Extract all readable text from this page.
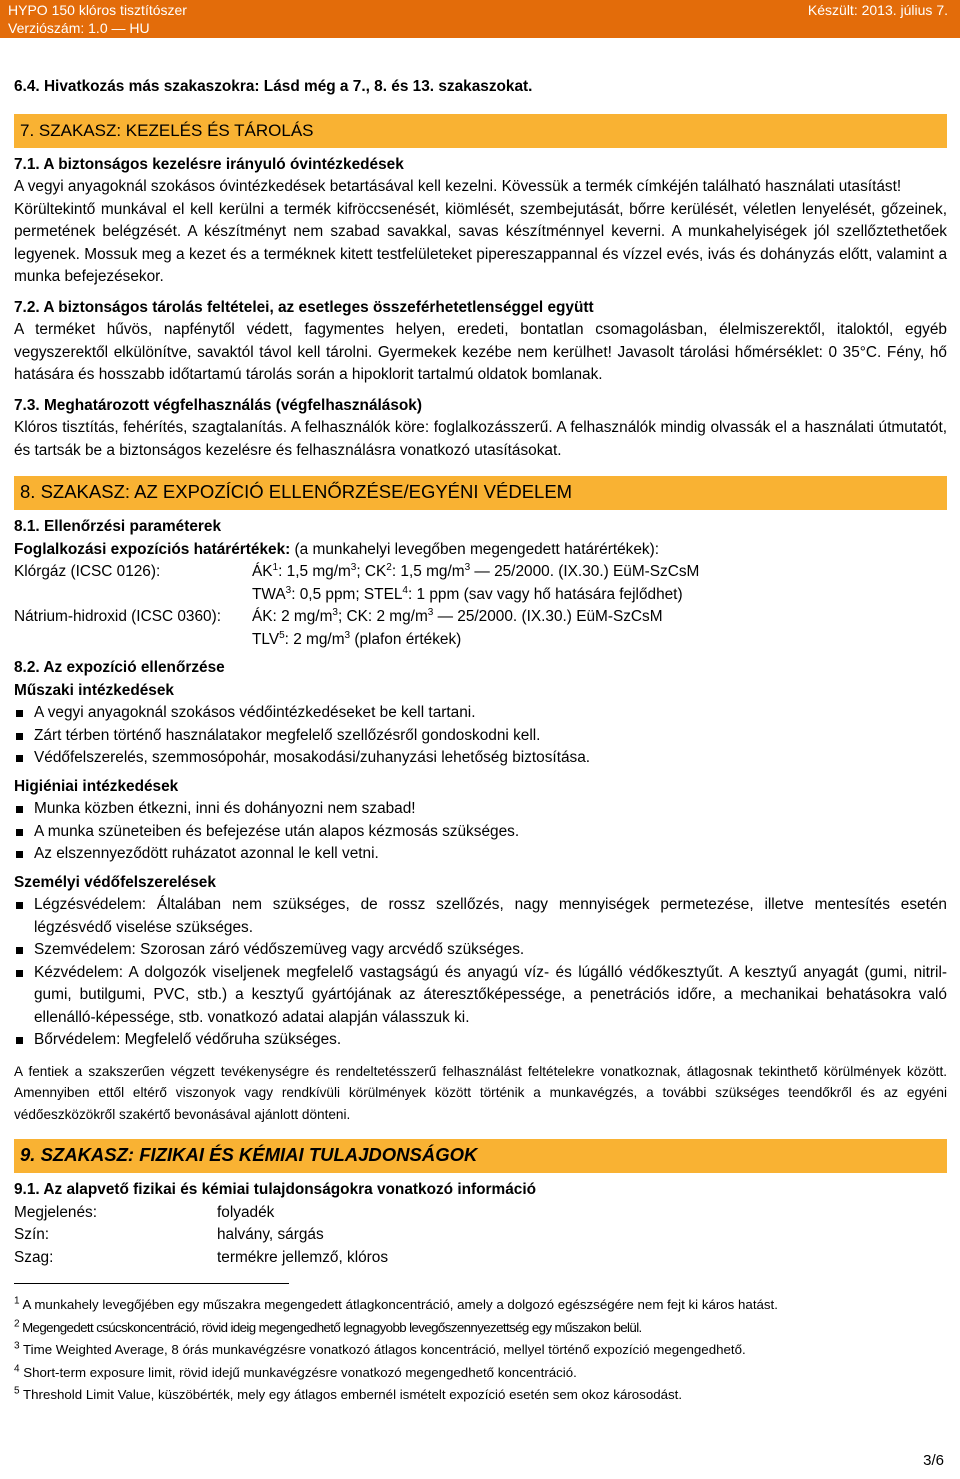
HYPO 150 klóros tisztítószer
Verziószám: 1.0 — HU
Készült: 2013. július 7.

6.4. Hivatkozás más szakaszokra: Lásd még a 7., 8. és 13. szakaszokat.

7. SZAKASZ: KEZELÉS ÉS TÁROLÁS

7.1. A biztonságos kezelésre irányuló óvintézkedések

A vegyi anyagoknál szokásos óvintézkedések betartásával kell kezelni. Kövessük a termék címkéjén található használati utasítást!

Körültekintő munkával el kell kerülni a termék kifröccsenését, kiömlését, szembejutását, bőrre kerülését, véletlen lenyelését, gőzeinek, permetének belégzését. A készítményt nem szabad savakkal, savas készítménnyel keverni. A munkahelyiségek jól szellőztethetőek legyenek. Mossuk meg a kezet és a terméknek kitett testfelületeket pipereszappannal és vízzel evés, ivás és dohányzás előtt, valamint a munka befejezésekor.

7.2. A biztonságos tárolás feltételei, az esetleges összeférhetetlenséggel együtt

A terméket hűvös, napfénytől védett, fagymentes helyen, eredeti, bontatlan csomagolásban, élelmiszerektől, italoktól, egyéb vegyszerektől elkülönítve, savaktól távol kell tárolni. Gyermekek kezébe nem kerülhet! Javasolt tárolási hőmérséklet: 0 35°C. Fény, hő hatására és hosszabb időtartamú tárolás során a hipoklorit tartalmú oldatok bomlanak.

7.3. Meghatározott végfelhasználás (végfelhasználások)

Klóros tisztítás, fehérítés, szagtalanítás. A felhasználók köre: foglalkozásszerű. A felhasználók mindig olvassák el a használati útmutatót, és tartsák be a biztonságos kezelésre és felhasználásra vonatkozó utasításokat.

8. SZAKASZ: AZ EXPOZÍCIÓ ELLENŐRZÉSE/EGYÉNI VÉDELEM

8.1. Ellenőrzési paraméterek

Foglalkozási expozíciós határértékek: (a munkahelyi levegőben megengedett határértékek):

Klórgáz (ICSC 0126):	$ÁK^1$: 1,5 $mg/m^3$; $CK^2$: 1,5 $mg/m^3$ — 25/2000. (IX.30.) EüM-SzCsM
TWA$^3$: 0,5 ppm; STEL$^4$: 1 ppm (sav vagy hő hatására fejlődhet)
Nátrium-hidroxid (ICSC 0360):	ÁK: 2 $mg/m^3$; CK: 2 $mg/m^3$ — 25/2000. (IX.30.) EüM-SzCsM
TLV$^5$: 2 $mg/m^3$ (plafon értékek)

8.2. Az expozíció ellenőrzése

Műszaki intézkedések

A vegyi anyagoknál szokásos védőintézkedéseket be kell tartani.
Zárt térben történő használatakor megfelelő szellőzésről gondoskodni kell.
Védőfelszerelés, szemmosópohár, mosakodási/zuhanyzási lehetőség biztosítása.

Higiéniai intézkedések

Munka közben étkezni, inni és dohányozni nem szabad!
A munka szüneteiben és befejezése után alapos kézmosás szükséges.
Az elszennyeződött ruházatot azonnal le kell vetni.

Személyi védőfelszerelések

Légzésvédelem: Általában nem szükséges, de rossz szellőzés, nagy mennyiségek permetezése, illetve mentesítés esetén légzésvédő viselése szükséges.
Szemvédelem: Szorosan záró védőszemüveg vagy arcvédő szükséges.
Kézvédelem: A dolgozók viseljenek megfelelő vastagságú és anyagú víz- és lúgálló védőkesztyűt. A kesztyű anyagát (gumi, nitril-gumi, butilgumi, PVC, stb.) a kesztyű gyártójának az áteresztőképessége, a penetrációs időre, a mechanikai behatásokra való ellenálló-képessége, stb. vonatkozó adatai alapján válasszuk ki.
Bőrvédelem: Megfelelő védőruha szükséges.

A fentiek a szakszerűen végzett tevékenységre és rendeltetésszerű felhasználást feltételekre vonatkoznak, átlagosnak tekinthető körülmények között. Amennyiben ettől eltérő viszonyok vagy rendkívüli körülmények között történik a munkavégzés, a további szükséges teendőkről és az egyéni védőeszközökről szakértő bevonásával ajánlott dönteni.

9. SZAKASZ: FIZIKAI ÉS KÉMIAI TULAJDONSÁGOK

9.1. Az alapvető fizikai és kémiai tulajdonságokra vonatkozó információ

Megjelenés:	folyadék
Szín:	halvány, sárgás
Szag:	termékre jellemző, klóros
$^1$ A munkahely levegőjében egy műszakra megengedett átlagkoncentráció, amely a dolgozó egészségére nem fejt ki káros hatást.
$^2$ Megengedett csúcskoncentráció, rövid ideig megengedhető legnagyobb levegőszennyezettség egy műszakon belül.
$^3$ Time Weighted Average, 8 órás munkavégzésre vonatkozó átlagos koncentráció, mellyel történő expozíció megengedhető.
$^4$ Short-term exposure limit, rövid idejű munkavégzésre vonatkozó megengedhető koncentráció.
$^5$ Threshold Limit Value, küszöbérték, mely egy átlagos embernél ismételt expozíció esetén sem okoz károsodást.
3/6
